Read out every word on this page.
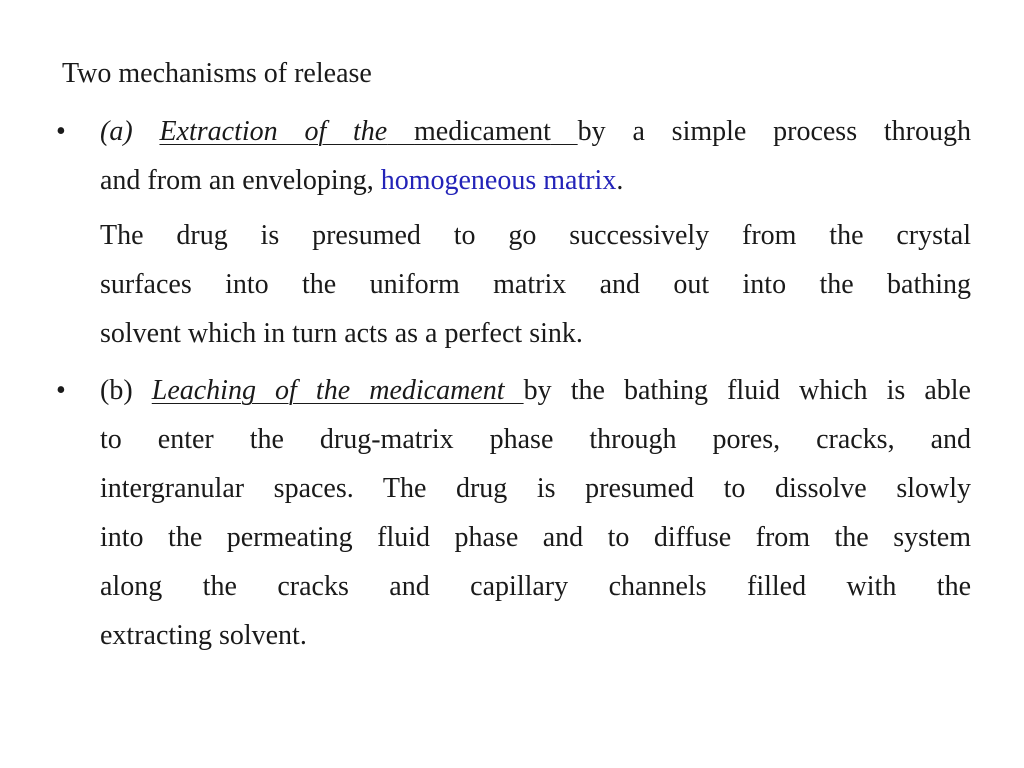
Two mechanisms of release
•	(a) Extraction of the medicament by a simple process through
and from an enveloping, homogeneous matrix.
The drug is presumed to go successively from the crystal
surfaces into the uniform matrix and out into the bathing
solvent which in turn acts as a perfect sink.
•	(b) Leaching of the medicament by the bathing fluid which is able
to enter the drug-matrix phase through pores, cracks, and
intergranular spaces. The drug is presumed to dissolve slowly
into the permeating fluid phase and to diffuse from the system
along the cracks and capillary channels filled with the
extracting solvent.
